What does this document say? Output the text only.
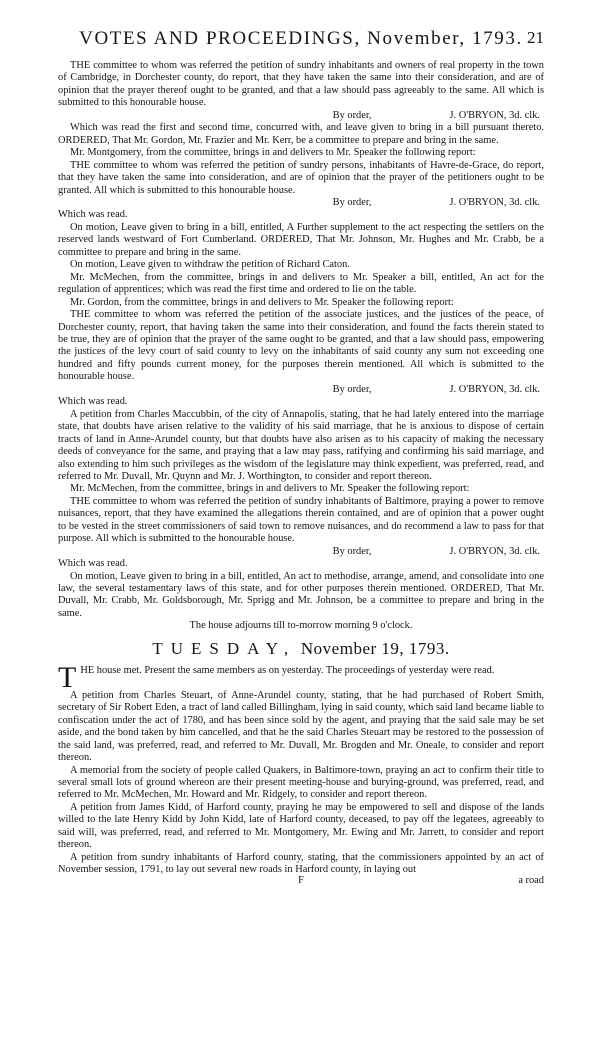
VOTES AND PROCEEDINGS, November, 1793. 21

THE committee to whom was referred the petition of sundry inhabitants and owners of real property in the town of Cambridge, in Dorchester county, do report, that they have taken the same into their consideration, and are of opinion that the prayer thereof ought to be granted, and that a law should pass agreeably to the same. All which is submitted to this honourable house.

By order,	J. O'BRYON, 3d. clk.

Which was read the first and second time, concurred with, and leave given to bring in a bill pursuant thereto. ORDERED, That Mr. Gordon, Mr. Frazier and Mr. Kerr, be a committee to prepare and bring in the same.

Mr. Montgomery, from the committee, brings in and delivers to Mr. Speaker the following report:

THE committee to whom was referred the petition of sundry persons, inhabitants of Havre-de-Grace, do report, that they have taken the same into consideration, and are of opinion that the prayer of the petitioners ought to be granted. All which is submitted to this honourable house.

By order,	J. O'BRYON, 3d. clk.

Which was read.

On motion, Leave given to bring in a bill, entitled, A Further supplement to the act respecting the settlers on the reserved lands westward of Fort Cumberland. ORDERED, That Mr. Johnson, Mr. Hughes and Mr. Crabb, be a committee to prepare and bring in the same.

On motion, Leave given to withdraw the petition of Richard Caton.

Mr. McMechen, from the committee, brings in and delivers to Mr. Speaker a bill, entitled, An act for the regulation of apprentices; which was read the first time and ordered to lie on the table.

Mr. Gordon, from the committee, brings in and delivers to Mr. Speaker the following report:

THE committee to whom was referred the petition of the associate justices, and the justices of the peace, of Dorchester county, report, that having taken the same into their consideration, and found the facts therein stated to be true, they are of opinion that the prayer of the same ought to be granted, and that a law should pass, empowering the justices of the levy court of said county to levy on the inhabitants of said county any sum not exceeding one hundred and fifty pounds current money, for the purposes therein mentioned. All which is submitted to the honourable house.

By order,	J. O'BRYON, 3d. clk.

Which was read.

A petition from Charles Maccubbin, of the city of Annapolis, stating, that he had lately entered into the marriage state, that doubts have arisen relative to the validity of his said marriage, that he is anxious to dispose of certain tracts of land in Anne-Arundel county, but that doubts have also arisen as to his capacity of making the necessary deeds of conveyance for the same, and praying that a law may pass, ratifying and confirming his said marriage, and also extending to him such privileges as the wisdom of the legislature may think expedient, was preferred, read, and referred to Mr. Duvall, Mr. Quynn and Mr. J. Worthington, to consider and report thereon.

Mr. McMechen, from the committee, brings in and delivers to Mr. Speaker the following report:

THE committee to whom was referred the petition of sundry inhabitants of Baltimore, praying a power to remove nuisances, report, that they have examined the allegations therein contained, and are of opinion that a power ought to be vested in the street commissioners of said town to remove nuisances, and do recommend a law to pass for that purpose. All which is submitted to the honourable house.

By order,	J. O'BRYON, 3d. clk.

Which was read.

On motion, Leave given to bring in a bill, entitled, An act to methodise, arrange, amend, and consolidate into one law, the several testamentary laws of this state, and for other purposes therein mentioned. ORDERED, That Mr. Duvall, Mr. Crabb, Mr. Goldsborough, Mr. Sprigg and Mr. Johnson, be a committee to prepare and bring in the same.

The house adjourns till to-morrow morning 9 o'clock.
TUESDAY, November 19, 1793.

THE house met. Present the same members as on yesterday. The proceedings of yesterday were read.

A petition from Charles Steuart, of Anne-Arundel county, stating, that he had purchased of Robert Smith, secretary of Sir Robert Eden, a tract of land called Billingham, lying in said county, which said land became liable to confiscation under the act of 1780, and has been since sold by the agent, and praying that the said sale may be set aside, and the bond taken by him cancelled, and that he the said Charles Steuart may be restored to the possession of the said land, was preferred, read, and referred to Mr. Duvall, Mr. Brogden and Mr. Oneale, to consider and report thereon.

A memorial from the society of people called Quakers, in Baltimore-town, praying an act to confirm their title to several small lots of ground whereon are their present meeting-house and burying-ground, was preferred, read, and referred to Mr. McMechen, Mr. Howard and Mr. Ridgely, to consider and report thereon.

A petition from James Kidd, of Harford county, praying he may be empowered to sell and dispose of the lands willed to the late Henry Kidd by John Kidd, late of Harford county, deceased, to pay off the legatees, agreeably to said will, was preferred, read, and referred to Mr. Montgomery, Mr. Ewing and Mr. Jarrett, to consider and report thereon.

A petition from sundry inhabitants of Harford county, stating, that the commissioners appointed by an act of November session, 1791, to lay out several new roads in Harford county, in laying out

F	a road
